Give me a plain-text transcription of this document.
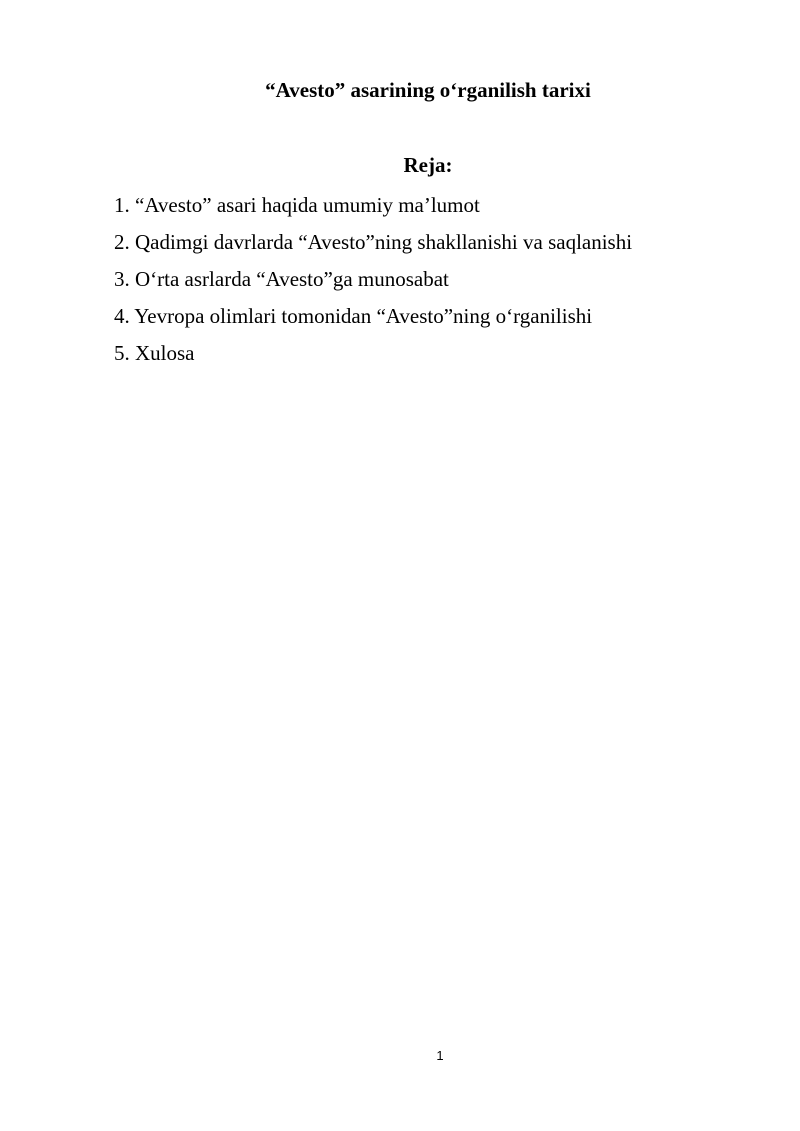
“Avesto” asarining o‘rganilish tarixi
Reja:
1. “Avesto” asari haqida umumiy ma’lumot
2. Qadimgi davrlarda “Avesto”ning shakllanishi va saqlanishi
3. O‘rta asrlarda “Avesto”ga munosabat
4. Yevropa olimlari tomonidan “Avesto”ning o‘rganilishi
5. Xulosa
1
